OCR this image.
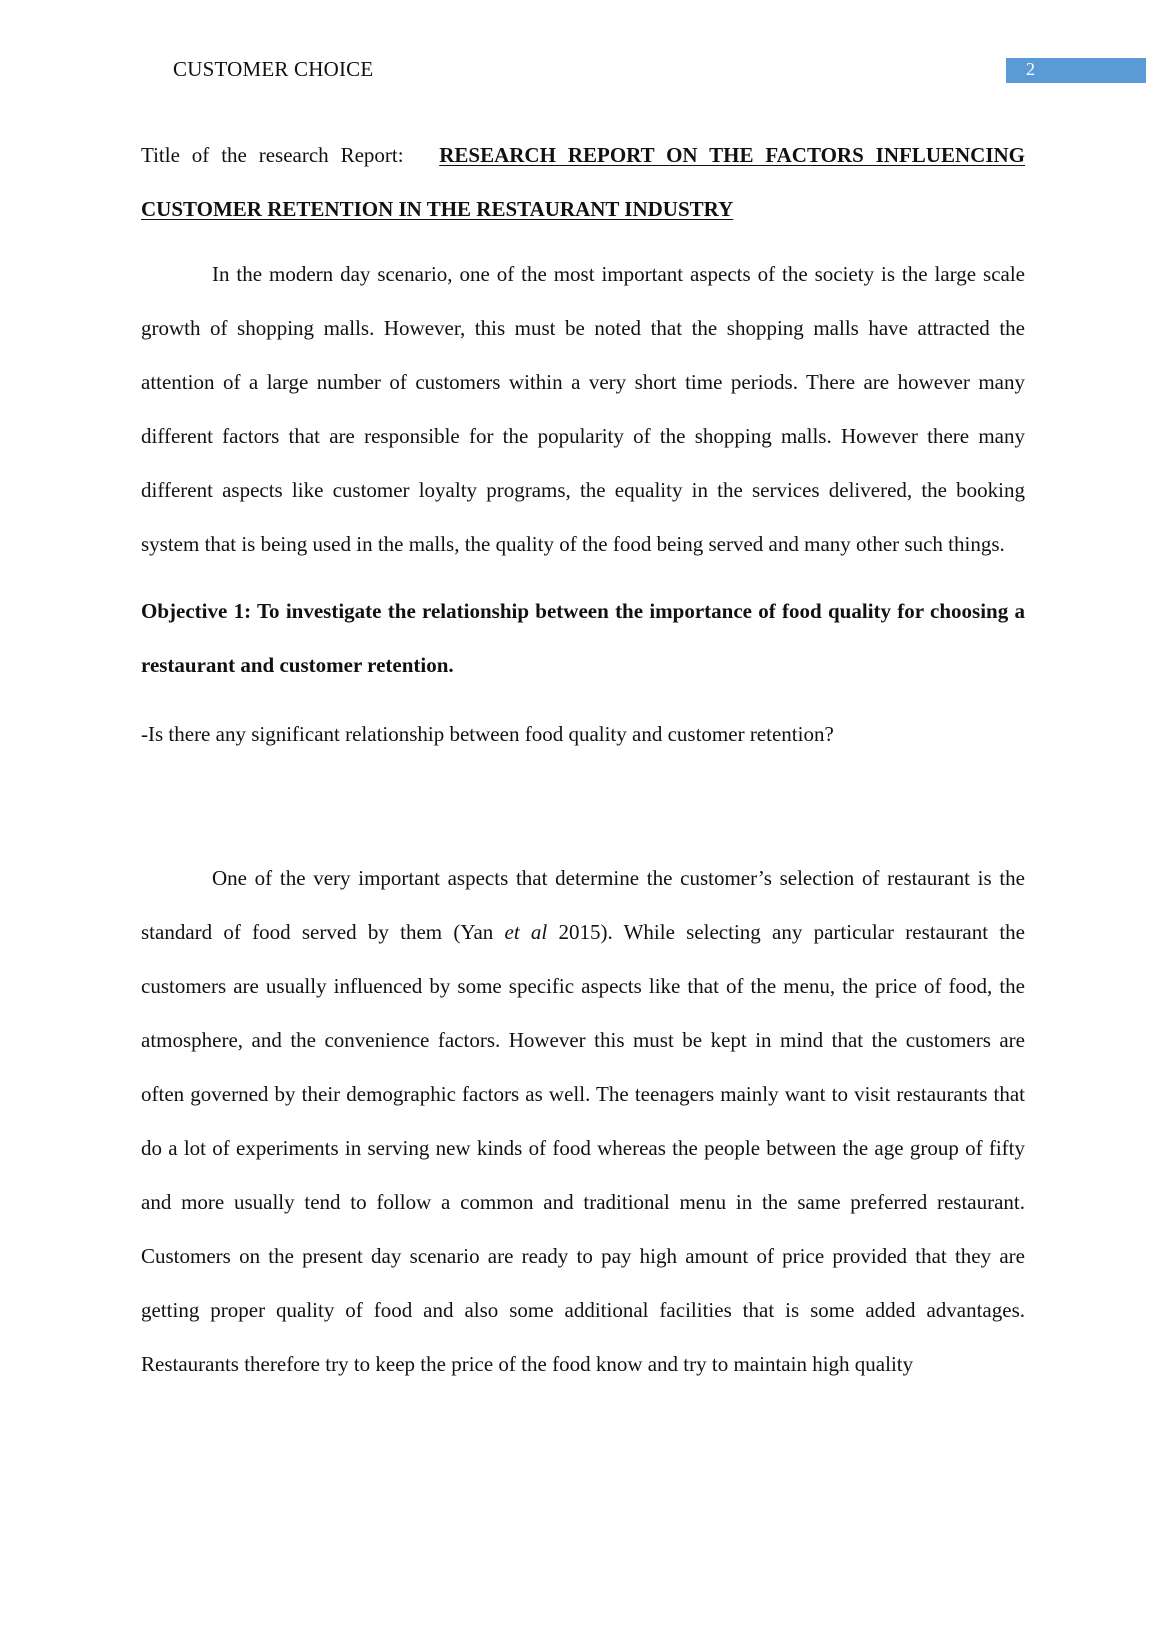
CUSTOMER CHOICE	2

Title of the research Report: RESEARCH REPORT ON THE FACTORS INFLUENCING CUSTOMER RETENTION IN THE RESTAURANT INDUSTRY

In the modern day scenario, one of the most important aspects of the society is the large scale growth of shopping malls. However, this must be noted that the shopping malls have attracted the attention of a large number of customers within a very short time periods. There are however many different factors that are responsible for the popularity of the shopping malls. However there many different aspects like customer loyalty programs, the equality in the services delivered, the booking system that is being used in the malls, the quality of the food being served and many other such things.

Objective 1: To investigate the relationship between the importance of food quality for choosing a restaurant and customer retention.

-Is there any significant relationship between food quality and customer retention?

One of the very important aspects that determine the customer’s selection of restaurant is the standard of food served by them (Yan et al 2015). While selecting any particular restaurant the customers are usually influenced by some specific aspects like that of the menu, the price of food, the atmosphere, and the convenience factors. However this must be kept in mind that the customers are often governed by their demographic factors as well. The teenagers mainly want to visit restaurants that do a lot of experiments in serving new kinds of food whereas the people between the age group of fifty and more usually tend to follow a common and traditional menu in the same preferred restaurant. Customers on the present day scenario are ready to pay high amount of price provided that they are getting proper quality of food and also some additional facilities that is some added advantages. Restaurants therefore try to keep the price of the food know and try to maintain high quality
